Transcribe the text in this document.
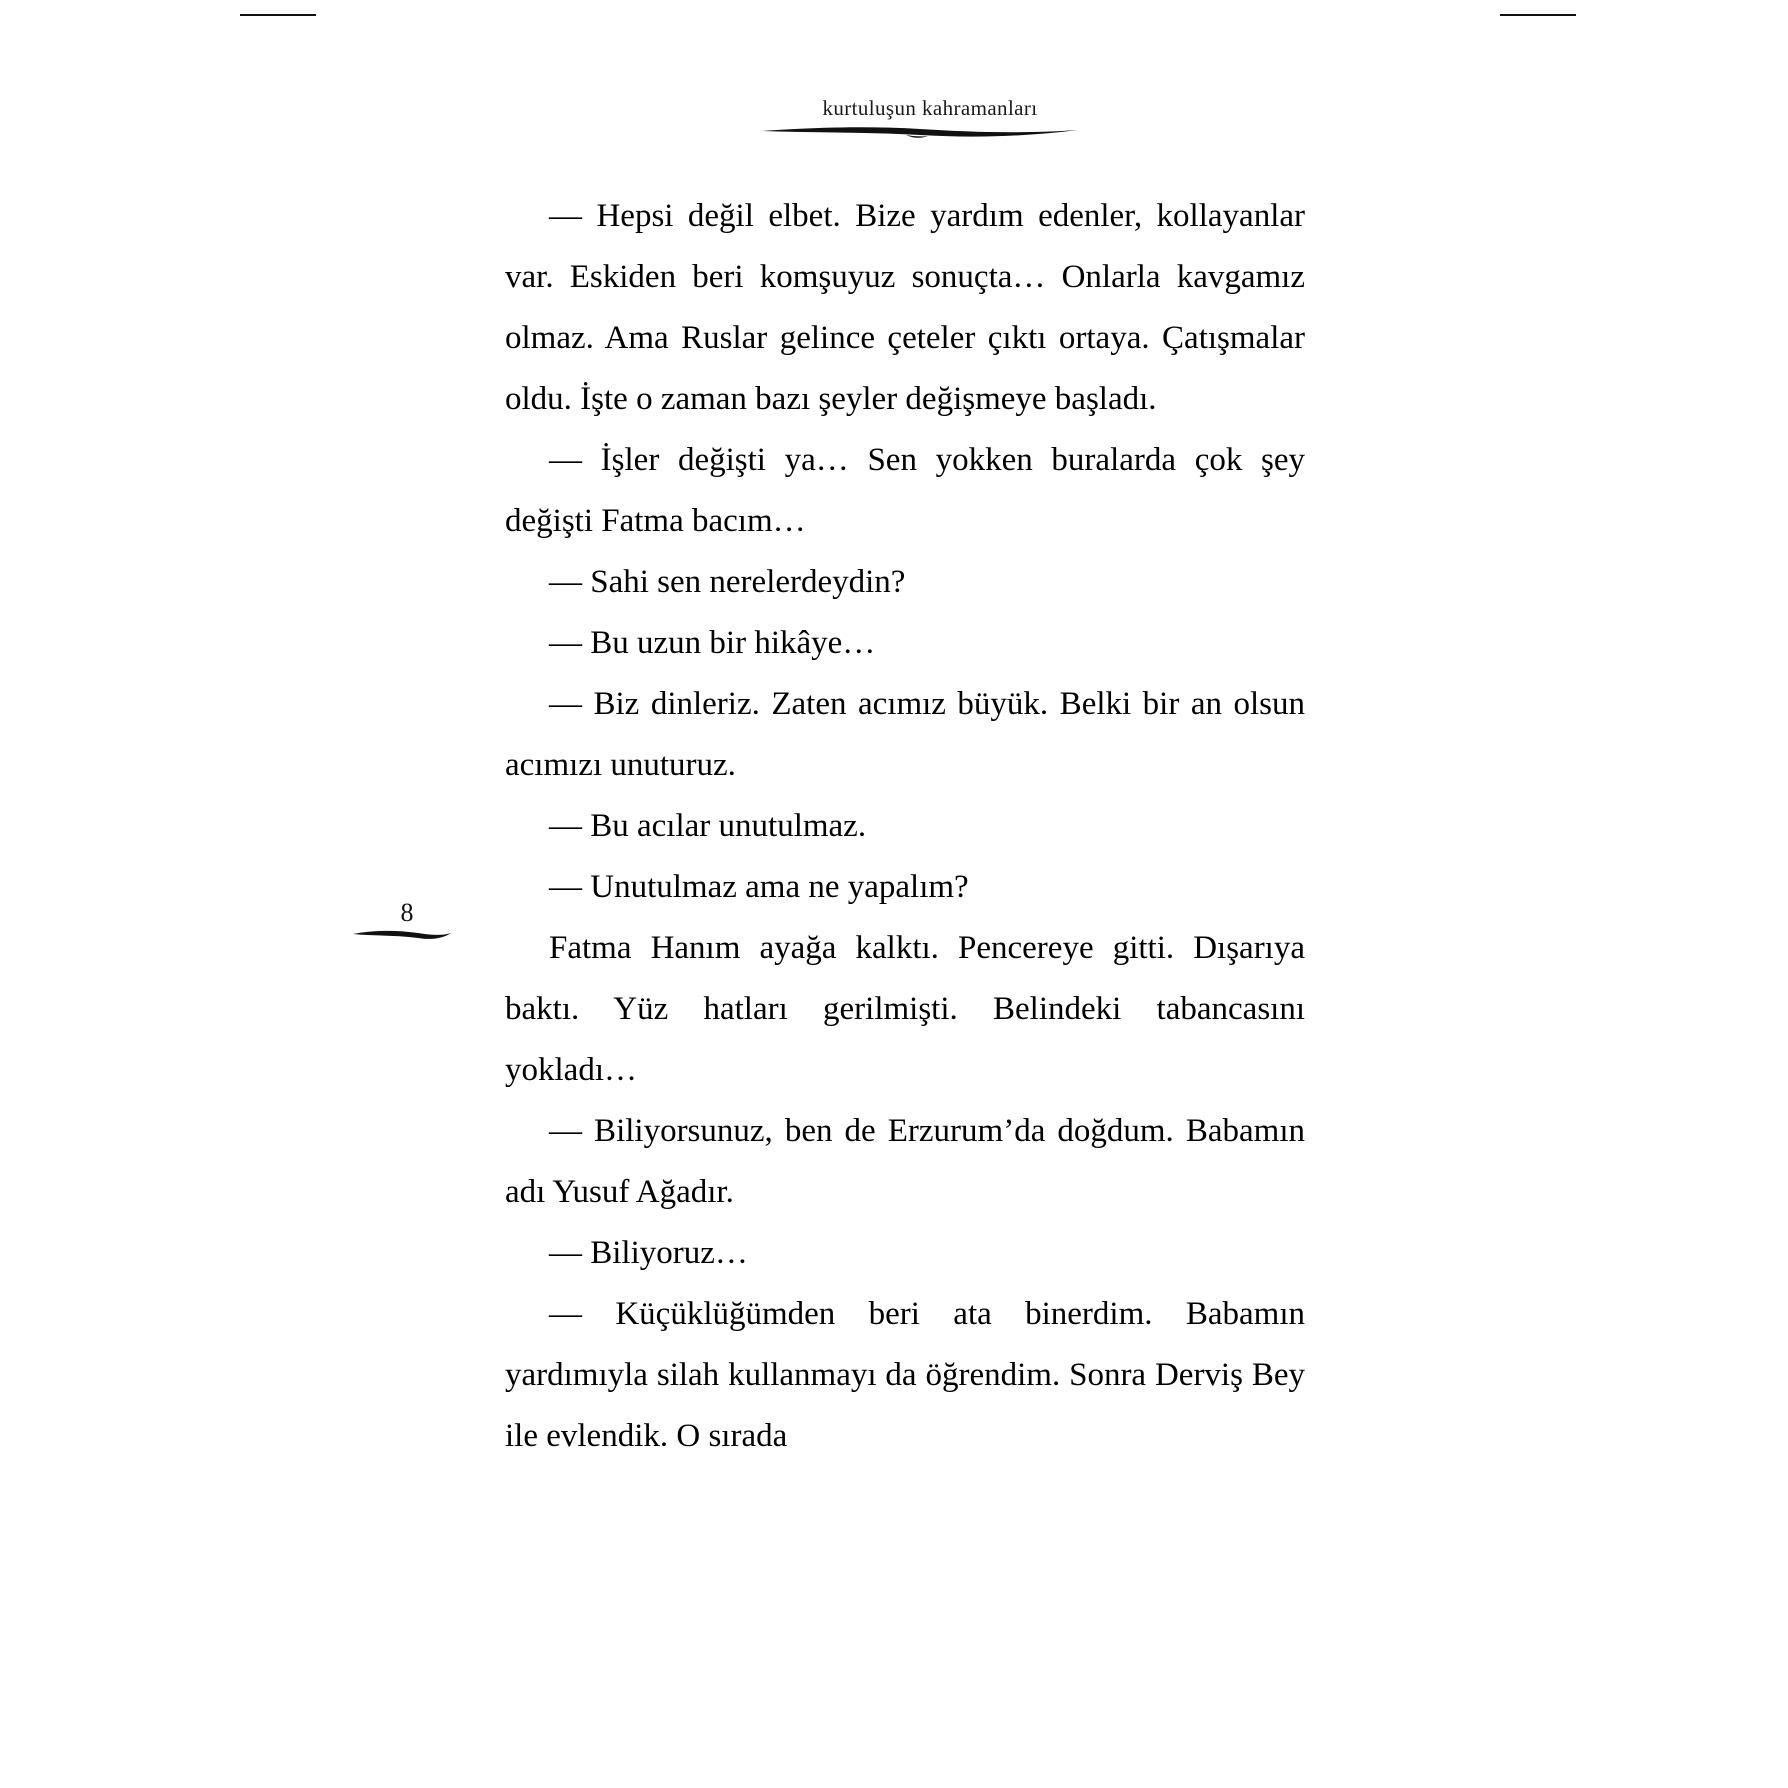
kurtuluşun kahramanları
8

— Hepsi değil elbet. Bize yardım edenler, kollayanlar var. Eskiden beri komşuyuz sonuçta… Onlarla kavgamız olmaz. Ama Ruslar gelince çeteler çıktı ortaya. Çatışmalar oldu. İşte o zaman bazı şeyler değişmeye başladı.

— İşler değişti ya… Sen yokken buralarda çok şey değişti Fatma bacım…

— Sahi sen nerelerdeydin?

— Bu uzun bir hikâye…

— Biz dinleriz. Zaten acımız büyük. Belki bir an olsun acımızı unuturuz.

— Bu acılar unutulmaz.

— Unutulmaz ama ne yapalım?

Fatma Hanım ayağa kalktı. Pencereye gitti. Dışarıya baktı. Yüz hatları gerilmişti. Belindeki tabancasını yokladı…

— Biliyorsunuz, ben de Erzurum’da doğdum. Babamın adı Yusuf Ağadır.

— Biliyoruz…

— Küçüklüğümden beri ata binerdim. Babamın yardımıyla silah kullanmayı da öğrendim. Sonra Derviş Bey ile evlendik. O sırada
